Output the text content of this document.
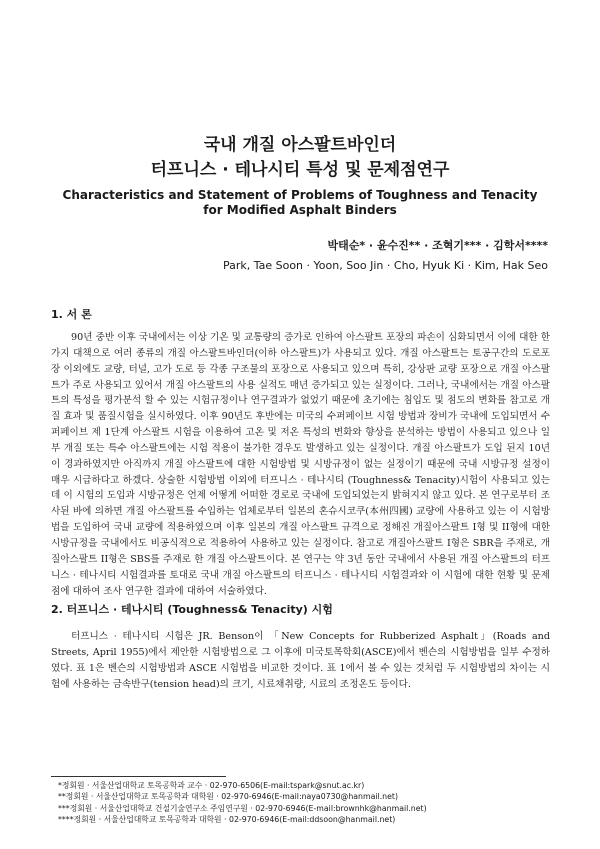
국내 개질 아스팔트바인더
터프니스 · 테나시티 특성 및 문제점연구
Characteristics and Statement of Problems of Toughness and Tenacity
for Modified Asphalt Binders
박태순* · 윤수진** · 조혁기*** · 김학서****
Park, Tae Soon · Yoon, Soo Jin · Cho, Hyuk Ki · Kim, Hak Seo
1. 서 론

90년 중반 이후 국내에서는 이상 기온 및 교통량의 증가로 인하여 아스팔트 포장의 파손이 심화되면서 이에 대한 한가지 대책으로 여러 종류의 개질 아스팔트바인더(이하 아스팔트)가 사용되고 있다. 개질 아스팔트는 토공구간의 도로포장 이외에도 교량, 터널, 고가 도로 등 각종 구조물의 포장으로 사용되고 있으며 특히, 강상판 교량 포장으로 개질 아스팔트가 주로 사용되고 있어서 개질 아스팔트의 사용 실적도 매년 증가되고 있는 실정이다. 그러나, 국내에서는 개질 아스팔트의 특성을 평가분석 할 수 있는 시험규정이나 연구결과가 없었기 때문에 초기에는 침입도 및 점도의 변화를 참고로 개질 효과 및 품질시험을 실시하였다. 이후 90년도 후반에는 미국의 수퍼페이브 시험 방법과 장비가 국내에 도입되면서 수퍼페이브 제 1단계 아스팔트 시험을 이용하여 고온 및 저온 특성의 변화와 향상을 분석하는 방법이 사용되고 있으나 일부 개질 또는 특수 아스팔트에는 시험 적용이 불가한 경우도 발생하고 있는 실정이다. 개질 아스팔트가 도입 된지 10년이 경과하였지만 아직까지 개질 아스팔트에 대한 시험방법 및 시방규정이 없는 실정이기 때문에 국내 시방규정 설정이 매우 시급하다고 하겠다. 상술한 시험방법 이외에 터프니스 · 테나시티 (Toughness& Tenacity)시험이 사용되고 있는데 이 시험의 도입과 시방규정은 언제 어떻게 어떠한 경로로 국내에 도입되었는지 밝혀지지 않고 있다. 본 연구로부터 조사된 바에 의하면 개질 아스팔트를 수입하는 업체로부터 일본의 혼슈시코쿠(本州四國) 교량에 사용하고 있는 이 시험방법을 도입하여 국내 교량에 적용하였으며 이후 일본의 개질 아스팔트 규격으로 정해진 개질아스팔트 I형 및 II형에 대한 시방규정을 국내에서도 비공식적으로 적용하여 사용하고 있는 실정이다. 참고로 개질아스팔트 I형은 SBR을 주재로, 개질아스팔트 II형은 SBS를 주재로 한 개질 아스팔트이다. 본 연구는 약 3년 동안 국내에서 사용된 개질 아스팔트의 터프니스 · 테나시티 시험결과를 토대로 국내 개질 아스팔트의 터프니스 · 테나시티 시험결과와 이 시험에 대한 현황 및 문제점에 대하여 조사 연구한 결과에 대하여 서술하였다.

2. 터프니스 · 테나시티 (Toughness& Tenacity) 시험

터프니스 · 테나시티 시험은 JR. Benson이 「New Concepts for Rubberized Asphalt」(Roads and Streets, April 1955)에서 제안한 시험방법으로 그 이후에 미국토목학회(ASCE)에서 벤슨의 시험방법을 일부 수정하였다. 표 1은 벤슨의 시험방법과 ASCE 시험법을 비교한 것이다. 표 1에서 볼 수 있는 것처럼 두 시험방법의 차이는 시험에 사용하는 금속반구(tension head)의 크기, 시료채취량, 시료의 조정온도 등이다.

*정회원 · 서울산업대학교 토목공학과 교수 · 02-970-6506(E-mail:tspark@snut.ac.kr)
**정회원 · 서울산업대학교 토목공학과 대학원 · 02-970-6946(E-mail:naya0730@hanmail.net)
***정회원 · 서울산업대학교 건설기술연구소 주임연구원 · 02-970-6946(E-mail:brownhk@hanmail.net)
****정회원 · 서울산업대학교 토목공학과 대학원 · 02-970-6946(E-mail:ddsoon@hanmail.net)
